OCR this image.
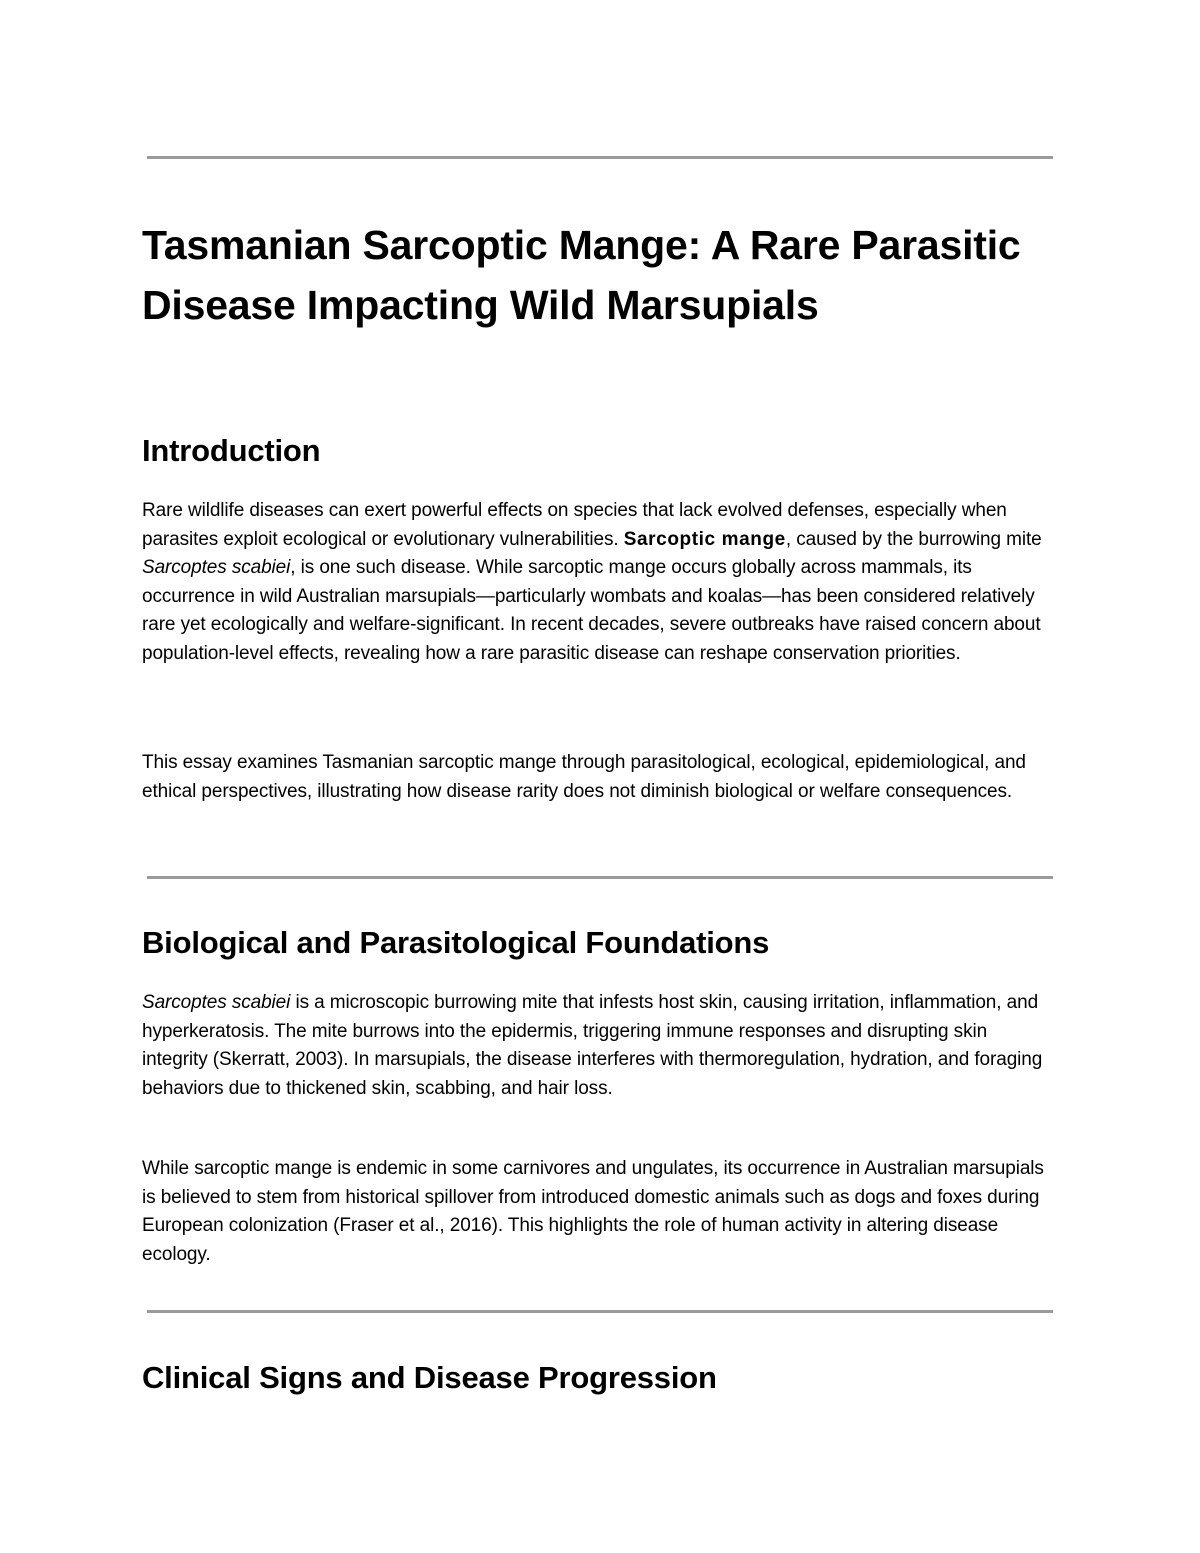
Tasmanian Sarcoptic Mange: A Rare Parasitic Disease Impacting Wild Marsupials
Introduction

Rare wildlife diseases can exert powerful effects on species that lack evolved defenses, especially when parasites exploit ecological or evolutionary vulnerabilities. Sarcoptic mange, caused by the burrowing mite Sarcoptes scabiei, is one such disease. While sarcoptic mange occurs globally across mammals, its occurrence in wild Australian marsupials—particularly wombats and koalas—has been considered relatively rare yet ecologically and welfare-significant. In recent decades, severe outbreaks have raised concern about population-level effects, revealing how a rare parasitic disease can reshape conservation priorities.

This essay examines Tasmanian sarcoptic mange through parasitological, ecological, epidemiological, and ethical perspectives, illustrating how disease rarity does not diminish biological or welfare consequences.

Biological and Parasitological Foundations

Sarcoptes scabiei is a microscopic burrowing mite that infests host skin, causing irritation, inflammation, and hyperkeratosis. The mite burrows into the epidermis, triggering immune responses and disrupting skin integrity (Skerratt, 2003). In marsupials, the disease interferes with thermoregulation, hydration, and foraging behaviors due to thickened skin, scabbing, and hair loss.

While sarcoptic mange is endemic in some carnivores and ungulates, its occurrence in Australian marsupials is believed to stem from historical spillover from introduced domestic animals such as dogs and foxes during European colonization (Fraser et al., 2016). This highlights the role of human activity in altering disease ecology.

Clinical Signs and Disease Progression
